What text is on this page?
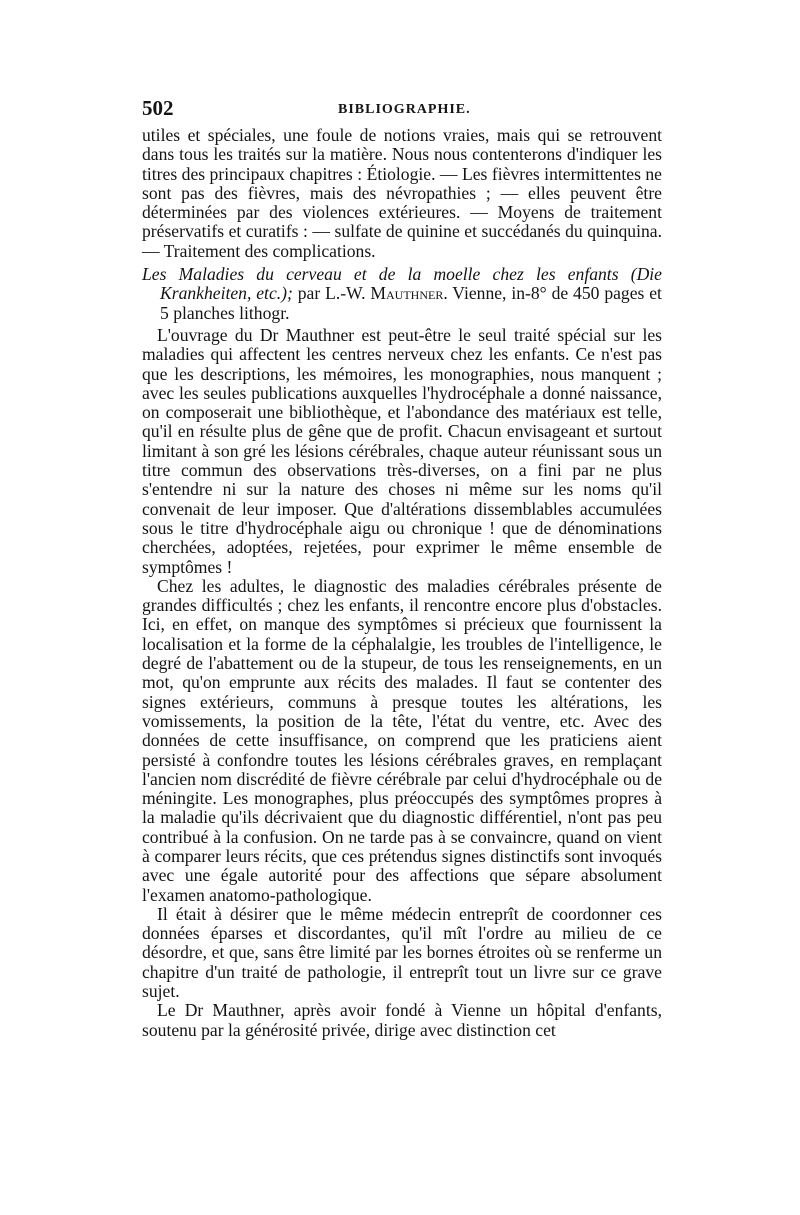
502	BIBLIOGRAPHIE.

utiles et spéciales, une foule de notions vraies, mais qui se retrouvent dans tous les traités sur la matière. Nous nous contenterons d'indiquer les titres des principaux chapitres : Étiologie. — Les fièvres intermittentes ne sont pas des fièvres, mais des névropathies ; — elles peuvent être déterminées par des violences extérieures. — Moyens de traitement préservatifs et curatifs : — sulfate de quinine et succédanés du quinquina. — Traitement des complications.

Les Maladies du cerveau et de la moelle chez les enfants (Die Krankheiten, etc.); par L.-W. Mauthner. Vienne, in-8° de 450 pages et 5 planches lithogr.

L'ouvrage du Dr Mauthner est peut-être le seul traité spécial sur les maladies qui affectent les centres nerveux chez les enfants. Ce n'est pas que les descriptions, les mémoires, les monographies, nous manquent ; avec les seules publications auxquelles l'hydrocéphale a donné naissance, on composerait une bibliothèque, et l'abondance des matériaux est telle, qu'il en résulte plus de gêne que de profit. Chacun envisageant et surtout limitant à son gré les lésions cérébrales, chaque auteur réunissant sous un titre commun des observations très-diverses, on a fini par ne plus s'entendre ni sur la nature des choses ni même sur les noms qu'il convenait de leur imposer. Que d'altérations dissemblables accumulées sous le titre d'hydrocéphale aigu ou chronique ! que de dénominations cherchées, adoptées, rejetées, pour exprimer le même ensemble de symptômes !

Chez les adultes, le diagnostic des maladies cérébrales présente de grandes difficultés ; chez les enfants, il rencontre encore plus d'obstacles. Ici, en effet, on manque des symptômes si précieux que fournissent la localisation et la forme de la céphalalgie, les troubles de l'intelligence, le degré de l'abattement ou de la stupeur, de tous les renseignements, en un mot, qu'on emprunte aux récits des malades. Il faut se contenter des signes extérieurs, communs à presque toutes les altérations, les vomissements, la position de la tête, l'état du ventre, etc. Avec des données de cette insuffisance, on comprend que les praticiens aient persisté à confondre toutes les lésions cérébrales graves, en remplaçant l'ancien nom discrédité de fièvre cérébrale par celui d'hydrocéphale ou de méningite. Les monographes, plus préoccupés des symptômes propres à la maladie qu'ils décrivaient que du diagnostic différentiel, n'ont pas peu contribué à la confusion. On ne tarde pas à se convaincre, quand on vient à comparer leurs récits, que ces prétendus signes distinctifs sont invoqués avec une égale autorité pour des affections que sépare absolument l'examen anatomo-pathologique.

Il était à désirer que le même médecin entreprît de coordonner ces données éparses et discordantes, qu'il mît l'ordre au milieu de ce désordre, et que, sans être limité par les bornes étroites où se renferme un chapitre d'un traité de pathologie, il entreprît tout un livre sur ce grave sujet.

Le Dr Mauthner, après avoir fondé à Vienne un hôpital d'enfants, soutenu par la générosité privée, dirige avec distinction cet
